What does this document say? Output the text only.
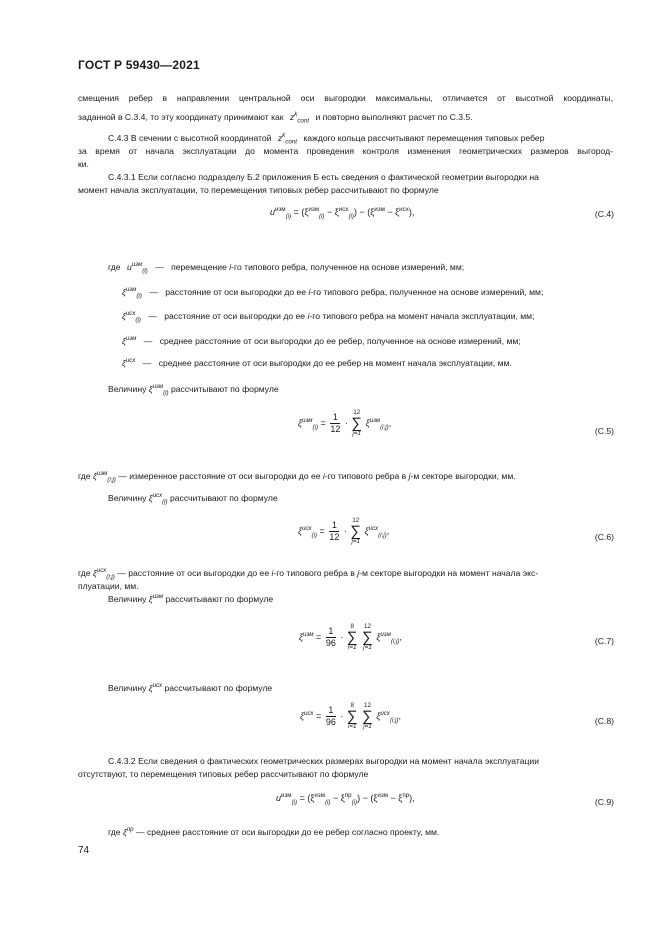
ГОСТ Р 59430—2021
смещения ребер в направлении центральной оси выгородки максимальны, отличается от высотной координаты,
заданной в С.3.4, то эту координату принимают как $z^k_{cont}$ и повторно выполняют расчет по С.3.5.
С.4.3 В сечении с высотной координатой $z^k_{cont}$ каждого кольца рассчитывают перемещения типовых ребер
за время от начала эксплуатации до момента проведения контроля изменения геометрических размеров выгород-
ки.
С.4.3.1 Если согласно подразделу Б.2 приложения Б есть сведения о фактической геометрии выгородки на
момент начала эксплуатации, то перемещения типовых ребер рассчитывают по формуле
$u^{изм}_{(i)} = (\xi^{изм}_{(i)} - \xi^{исх}_{(i)}) - (\xi^{изм} - \xi^{исх})$,	(С.4)
где $u^{изм}_{(i)}$ — перемещение i-го типового ребра, полученное на основе измерений, мм;
$\xi^{изм}_{(i)}$ — расстояние от оси выгородки до ее i-го типового ребра, полученное на основе измерений, мм;
$\xi^{исх}_{(i)}$ — расстояние от оси выгородки до ее i-го типового ребра на момент начала эксплуатации, мм;
$\xi^{изм}$ — среднее расстояние от оси выгородки до ее ребер, полученное на основе измерений, мм;
$\xi^{исх}$ — среднее расстояние от оси выгородки до ее ребер на момент начала эксплуатации, мм.
Величину $\xi^{изм}_{(i)}$ рассчитывают по формуле
$\xi^{изм}_{(i)} = \frac{1}{12}$ ·
12
∑
j=1
$\xi^{изм}_{(i;j)}$,
(С.5)
где $\xi^{изм}_{(i;j)}$ — измеренное расстояние от оси выгородки до ее i-го типового ребра в j-м секторе выгородки, мм.
Величину $\xi^{исх}_{(i)}$ рассчитывают по формуле
$\xi^{исх}_{(i)} = \frac{1}{12}$ ·
12
∑
j=1
$\xi^{исх}_{(i;j)}$,
(С.6)
где $\xi^{исх}_{(i;j)}$ — расстояние от оси выгородки до ее i-го типового ребра в j-м секторе выгородки на момент начала экс-
плуатации, мм.
Величину $\xi^{изм}$ рассчитывают по формуле
$\xi^{изм} = \frac{1}{96}$ ·
8
∑
i=1

12
∑
j=1
$\xi^{изм}_{(i;j)}$,	(С.7)
Величину $\xi^{исх}$ рассчитывают по формуле
$\xi^{исх} = \frac{1}{96}$ ·
8
∑
i=1

12
∑
j=1
$\xi^{исх}_{(i;j)}$,	(С.8)
С.4.3.2 Если сведения о фактических геометрических размерах выгородки на момент начала эксплуатации
отсутствуют, то перемещения типовых ребер рассчитывают по формуле
$u^{изм}_{(i)} = (\xi^{изм}_{(i)} - \xi^{пр}_{(i)}) - (\xi^{изм} - \xi^{пр})$,	(С.9)
где $\xi^{пр}$ — среднее расстояние от оси выгородки до ее ребер согласно проекту, мм.
74
